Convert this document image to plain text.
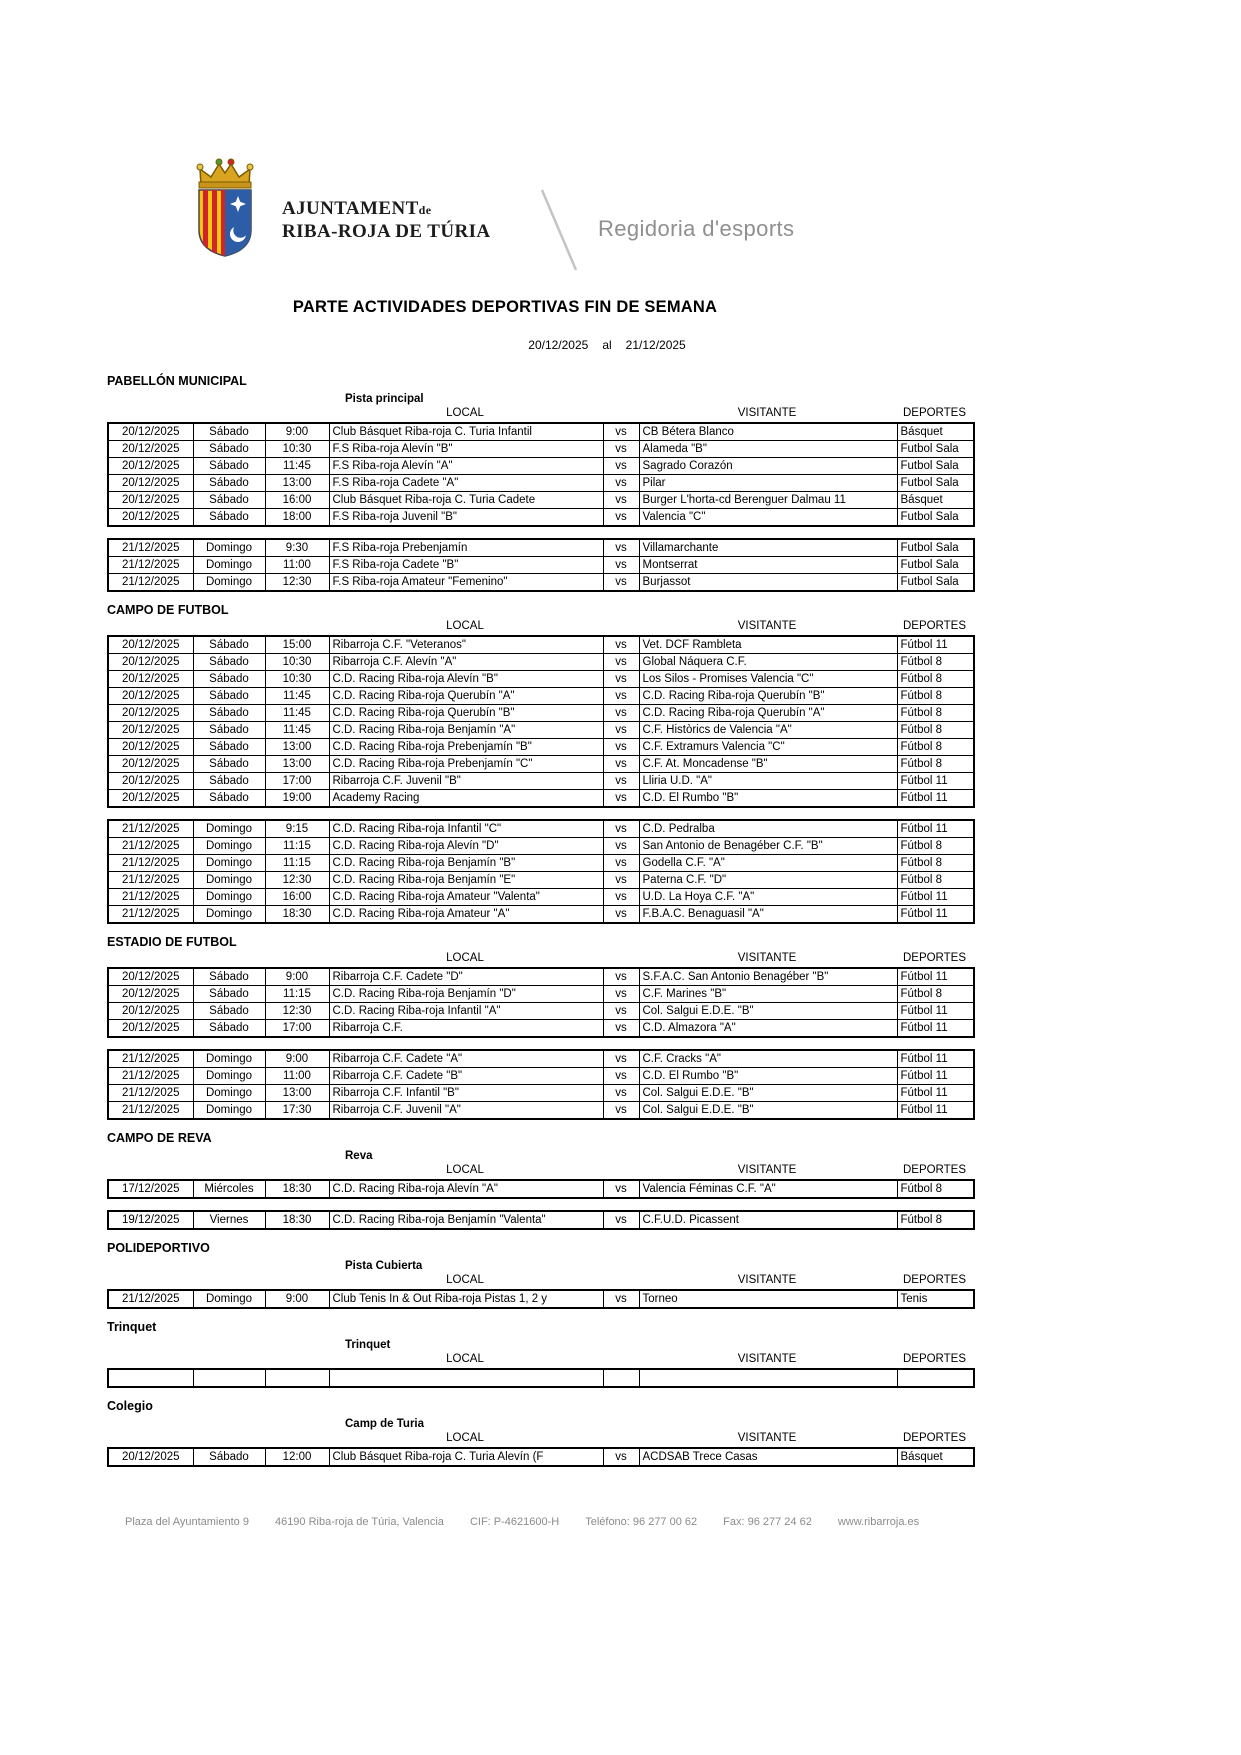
AJUNTAMENTde
RIBA-ROJA DE TÚRIA	Regidoria d'esports
PARTE ACTIVIDADES DEPORTIVAS FIN DE SEMANA
20/12/2025 al 21/12/2025
PABELLÓN MUNICIPAL
Pista principal
LOCAL	VISITANTE	DEPORTES
20/12/2025	Sábado	9:00	Club Básquet Riba-roja C. Turia Infantil	vs	CB Bétera Blanco	Básquet
20/12/2025	Sábado	10:30	F.S Riba-roja Alevín "B"	vs	Alameda "B"	Futbol Sala
20/12/2025	Sábado	11:45	F.S Riba-roja Alevín "A"	vs	Sagrado Corazón	Futbol Sala
20/12/2025	Sábado	13:00	F.S Riba-roja Cadete "A"	vs	Pilar	Futbol Sala
20/12/2025	Sábado	16:00	Club Básquet Riba-roja C. Turia Cadete	vs	Burger L'horta-cd Berenguer Dalmau 11	Básquet
20/12/2025	Sábado	18:00	F.S Riba-roja Juvenil "B"	vs	Valencia "C"	Futbol Sala
21/12/2025	Domingo	9:30	F.S Riba-roja Prebenjamín	vs	Villamarchante	Futbol Sala
21/12/2025	Domingo	11:00	F.S Riba-roja Cadete "B"	vs	Montserrat	Futbol Sala
21/12/2025	Domingo	12:30	F.S Riba-roja Amateur "Femenino"	vs	Burjassot	Futbol Sala
CAMPO DE FUTBOL
LOCAL	VISITANTE	DEPORTES
20/12/2025	Sábado	15:00	Ribarroja C.F. "Veteranos"	vs	Vet. DCF Rambleta	Fútbol 11
20/12/2025	Sábado	10:30	Ribarroja C.F. Alevín "A"	vs	Global Náquera C.F.	Fútbol 8
20/12/2025	Sábado	10:30	C.D. Racing Riba-roja Alevín "B"	vs	Los Silos - Promises Valencia "C"	Fútbol 8
20/12/2025	Sábado	11:45	C.D. Racing Riba-roja Querubín "A"	vs	C.D. Racing Riba-roja Querubín "B"	Fútbol 8
20/12/2025	Sábado	11:45	C.D. Racing Riba-roja Querubín "B"	vs	C.D. Racing Riba-roja Querubín "A"	Fútbol 8
20/12/2025	Sábado	11:45	C.D. Racing Riba-roja Benjamín "A"	vs	C.F. Històrics de Valencia "A"	Fútbol 8
20/12/2025	Sábado	13:00	C.D. Racing Riba-roja Prebenjamín "B"	vs	C.F. Extramurs Valencia "C"	Fútbol 8
20/12/2025	Sábado	13:00	C.D. Racing Riba-roja Prebenjamín "C"	vs	C.F. At. Moncadense "B"	Fútbol 8
20/12/2025	Sábado	17:00	Ribarroja C.F. Juvenil "B"	vs	Lliria U.D. "A"	Fútbol 11
20/12/2025	Sábado	19:00	Academy Racing	vs	C.D. El Rumbo "B"	Fútbol 11
21/12/2025	Domingo	9:15	C.D. Racing Riba-roja Infantil "C"	vs	C.D. Pedralba	Fútbol 11
21/12/2025	Domingo	11:15	C.D. Racing Riba-roja Alevín "D"	vs	San Antonio de Benagéber C.F. "B"	Fútbol 8
21/12/2025	Domingo	11:15	C.D. Racing Riba-roja Benjamín "B"	vs	Godella C.F. "A"	Fútbol 8
21/12/2025	Domingo	12:30	C.D. Racing Riba-roja Benjamín "E"	vs	Paterna C.F. "D"	Fútbol 8
21/12/2025	Domingo	16:00	C.D. Racing Riba-roja Amateur "Valenta"	vs	U.D. La Hoya C.F. "A"	Fútbol 11
21/12/2025	Domingo	18:30	C.D. Racing Riba-roja Amateur "A"	vs	F.B.A.C. Benaguasil "A"	Fútbol 11
ESTADIO DE FUTBOL
LOCAL	VISITANTE	DEPORTES
20/12/2025	Sábado	9:00	Ribarroja C.F. Cadete "D"	vs	S.F.A.C. San Antonio Benagéber "B"	Fútbol 11
20/12/2025	Sábado	11:15	C.D. Racing Riba-roja Benjamín "D"	vs	C.F. Marines "B"	Fútbol 8
20/12/2025	Sábado	12:30	C.D. Racing Riba-roja Infantil "A"	vs	Col. Salgui E.D.E. "B"	Fútbol 11
20/12/2025	Sábado	17:00	Ribarroja C.F.	vs	C.D. Almazora "A"	Fútbol 11
21/12/2025	Domingo	9:00	Ribarroja C.F. Cadete "A"	vs	C.F. Cracks "A"	Fútbol 11
21/12/2025	Domingo	11:00	Ribarroja C.F. Cadete "B"	vs	C.D. El Rumbo "B"	Fútbol 11
21/12/2025	Domingo	13:00	Ribarroja C.F. Infantil "B"	vs	Col. Salgui E.D.E. "B"	Fútbol 11
21/12/2025	Domingo	17:30	Ribarroja C.F. Juvenil "A"	vs	Col. Salgui E.D.E. "B"	Fútbol 11
CAMPO DE REVA
Reva
LOCAL	VISITANTE	DEPORTES
17/12/2025	Miércoles	18:30	C.D. Racing Riba-roja Alevín "A"	vs	Valencia Féminas C.F. "A"	Fútbol 8
19/12/2025	Viernes	18:30	C.D. Racing Riba-roja Benjamín "Valenta"	vs	C.F.U.D. Picassent	Fútbol 8
POLIDEPORTIVO
Pista Cubierta
LOCAL	VISITANTE	DEPORTES
21/12/2025	Domingo	9:00	Club Tenis In & Out Riba-roja Pistas 1, 2 y	vs	Torneo	Tenis
Trinquet
Trinquet
LOCAL	VISITANTE	DEPORTES

Colegio
Camp de Turia
LOCAL	VISITANTE	DEPORTES
20/12/2025	Sábado	12:00	Club Básquet Riba-roja C. Turia Alevín (F	vs	ACDSAB Trece Casas	Básquet
Plaza del Ayuntamiento 9 46190 Riba-roja de Túria, Valencia CIF: P-4621600-H Teléfono: 96 277 00 62 Fax: 96 277 24 62 www.ribarroja.es
